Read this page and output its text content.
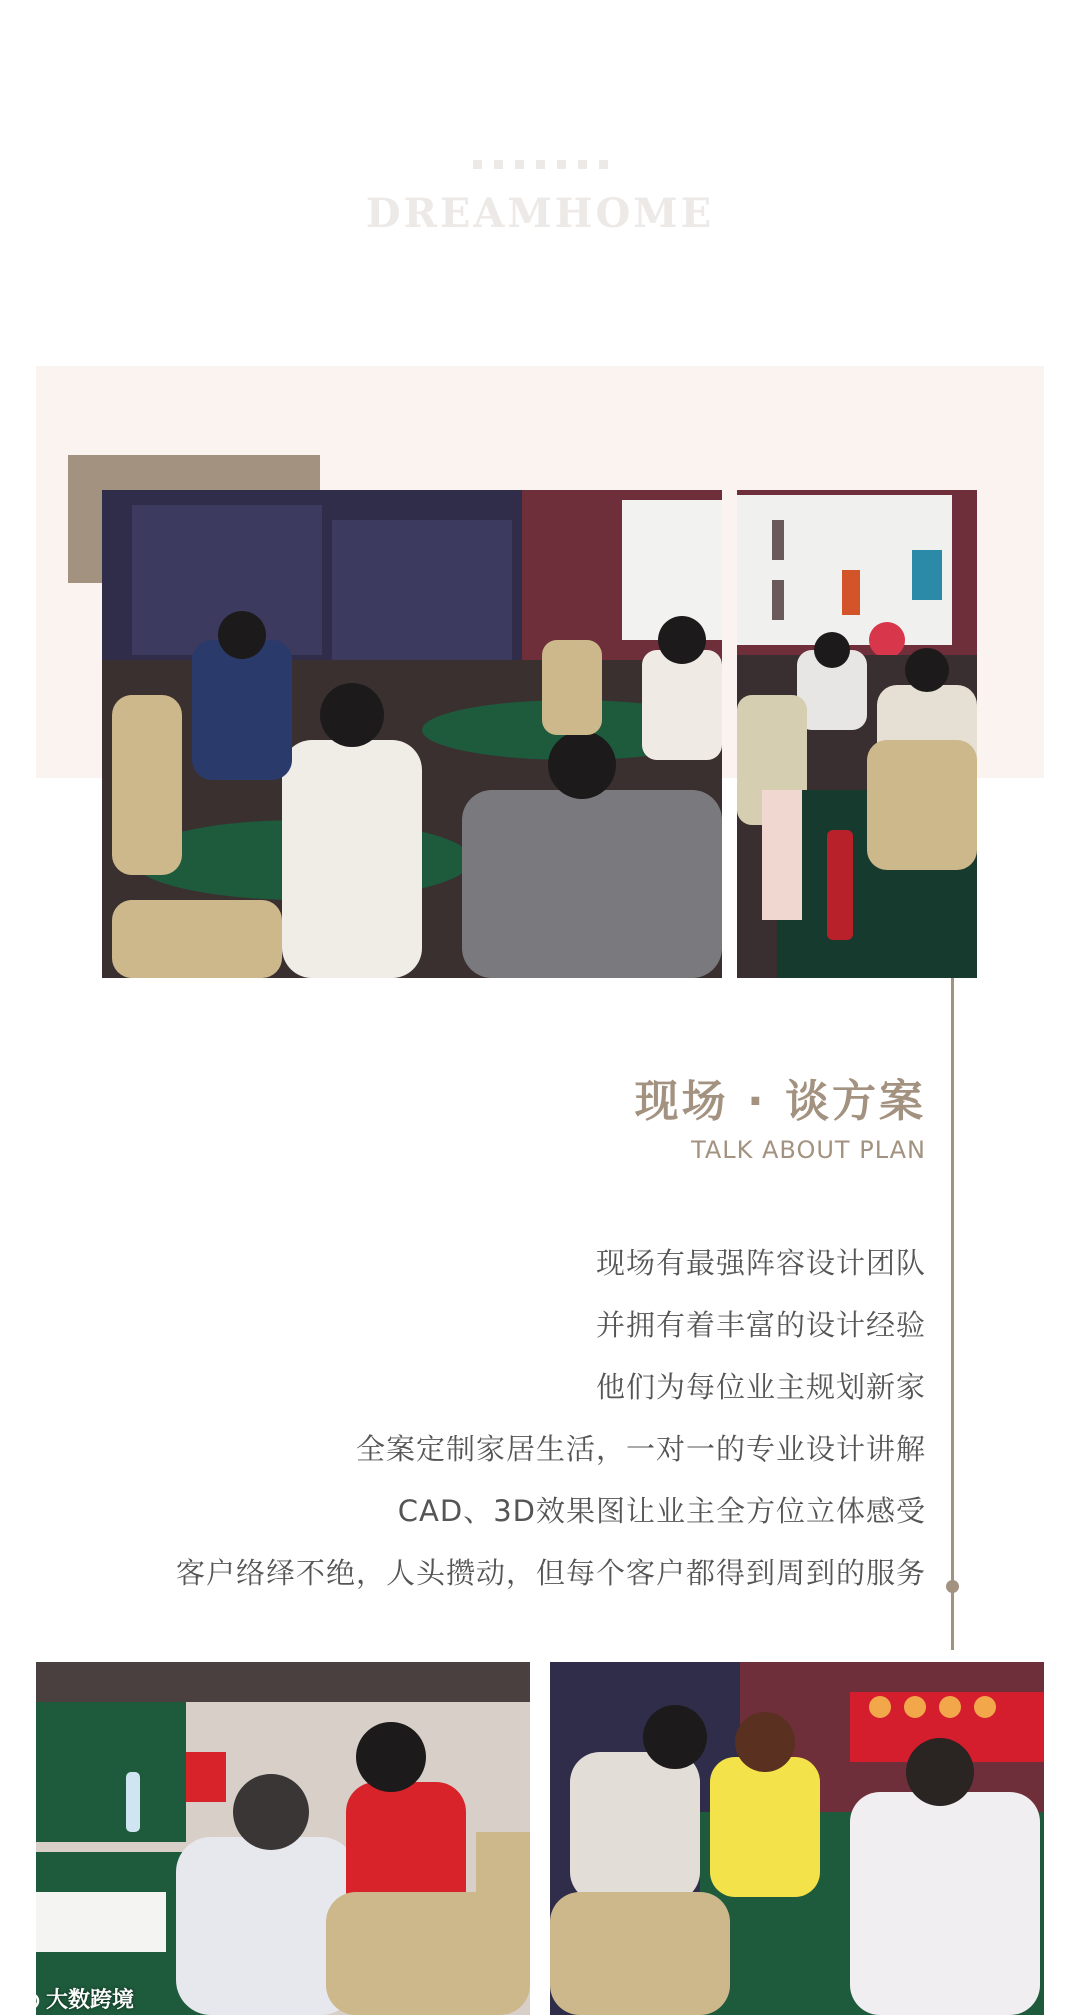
DREAMHOME
现场 · 谈方案
TALK ABOUT PLAN
现场有最强阵容设计团队
并拥有着丰富的设计经验
他们为每位业主规划新家
全案定制家居生活，一对一的专业设计讲解
CAD、3D效果图让业主全方位立体感受
客户络绎不绝，人头攒动，但每个客户都得到周到的服务
大数跨境
